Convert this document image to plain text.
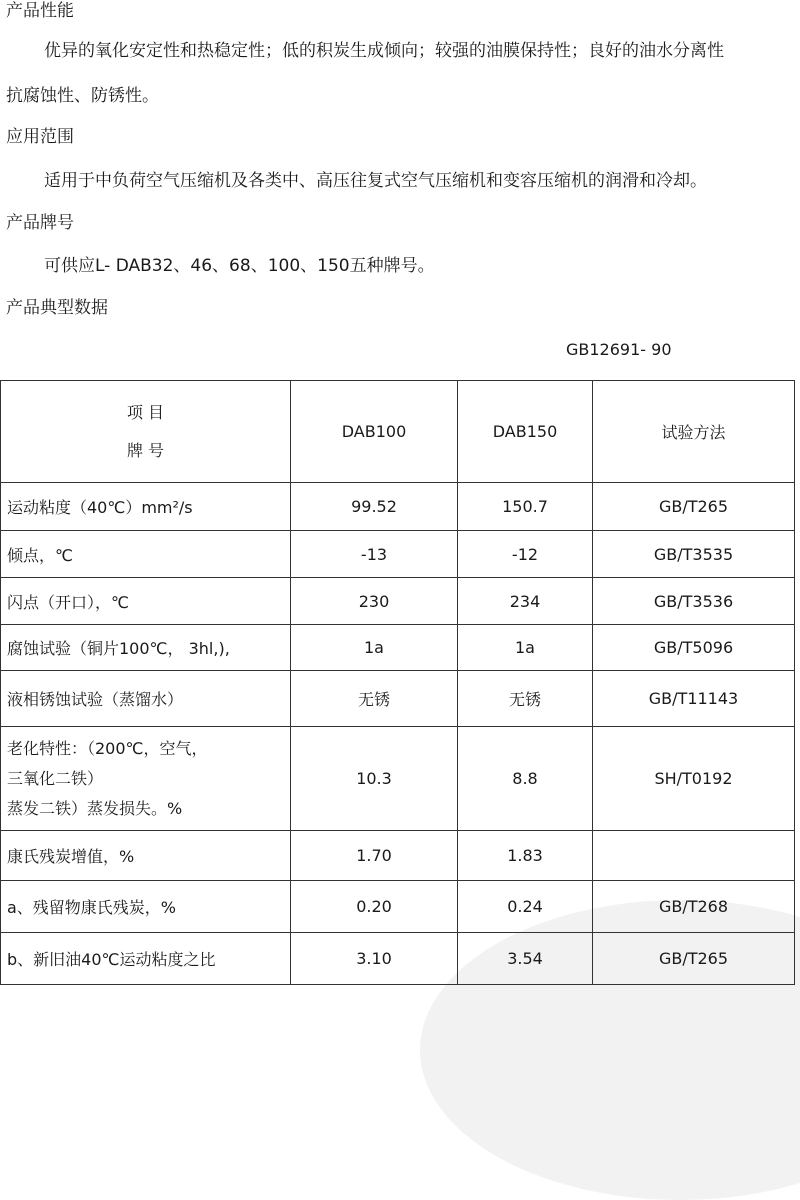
产品性能
优异的氧化安定性和热稳定性；低的积炭生成倾向；较强的油膜保持性；良好的油水分离性
抗腐蚀性、防锈性。
应用范围
适用于中负荷空气压缩机及各类中、高压往复式空气压缩机和变容压缩机的润滑和冷却。
产品牌号
可供应L- DAB32、46、68、100、150五种牌号。
产品典型数据
GB12691- 90
项 目
牌 号	DAB100	DAB150	试验方法
运动粘度（40℃）mm²/s	99.52	150.7	GB/T265
倾点，℃	-13	-12	GB/T3535
闪点（开口），℃	230	234	GB/T3536
腐蚀试验（铜片100℃， 3hl,),	1a	1a	GB/T5096
液相锈蚀试验（蒸馏水）	无锈	无锈	GB/T11143

老化特性：（200℃，空气，
三氧化二铁）
蒸发二铁）蒸发损失。%	10.3	8.8	SH/T0192
康氏残炭增值，%	1.70	1.83	
a、残留物康氏残炭，%	0.20	0.24	GB/T268
b、新旧油40℃运动粘度之比	3.10	3.54	GB/T265
